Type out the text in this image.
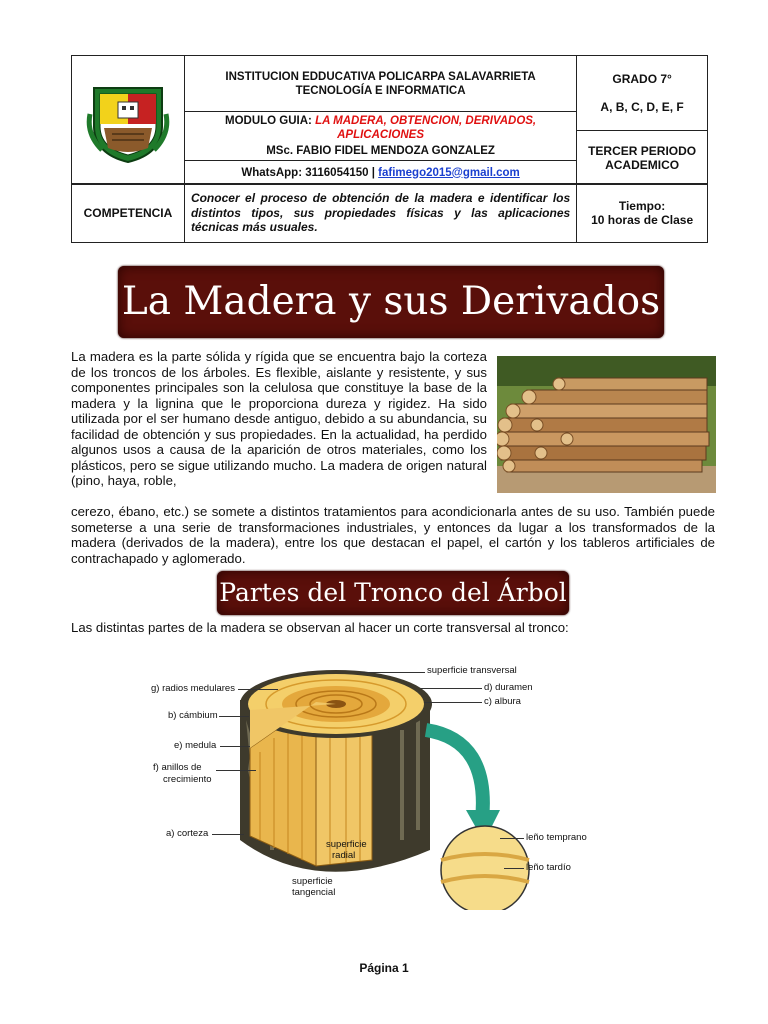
INSTITUCION EDDUCATIVA POLICARPA SALAVARRIETA
TECNOLOGÍA E INFORMATICA
MODULO GUIA: LA MADERA, OBTENCION, DERIVADOS, APLICACIONES
MSc. FABIO FIDEL MENDOZA GONZALEZ
WhatsApp: 3116054150 |
fafimego2015@gmail.com

GRADO 7°
A, B, C, D, E, F

TERCER PERIODO
ACADEMICO

COMPETENCIA	Conocer el proceso de obtención de la madera e identificar los distintos tipos, sus propiedades físicas y las aplicaciones técnicas más usuales.	
Tiempo:
10 horas de Clase
La Madera y sus Derivados
La madera es la parte sólida y rígida que se encuentra bajo la corteza de los troncos de los árboles. Es flexible, aislante y resistente, y sus componentes principales son la celulosa que constituye la base de la madera y la lignina que le proporciona dureza y rigidez. Ha sido utilizada por el ser humano desde antiguo, debido a su abundancia, su facilidad de obtención y sus propiedades. En la actualidad, ha perdido algunos usos a causa de la aparición de otros materiales, como los plásticos, pero se sigue utilizando mucho. La madera de origen natural (pino, haya, roble,
cerezo, ébano, etc.) se somete a distintos tratamientos para acondicionarla antes de su uso. También puede someterse a una serie de transformaciones industriales, y entonces da lugar a los transformados de la madera (derivados de la madera), entre los que destacan el papel, el cartón y los tableros artificiales de contrachapado y aglomerado.
Partes del Tronco del Árbol
Las distintas partes de la madera se observan al hacer un corte transversal al tronco:
superficie transversal
d) duramen
c) albura
g) radios medulares
b) cámbium
e) medula
f) anillos de
crecimiento
a) corteza
superficie
radial
superficie
tangencial
leño temprano
leño tardío
Página 1
